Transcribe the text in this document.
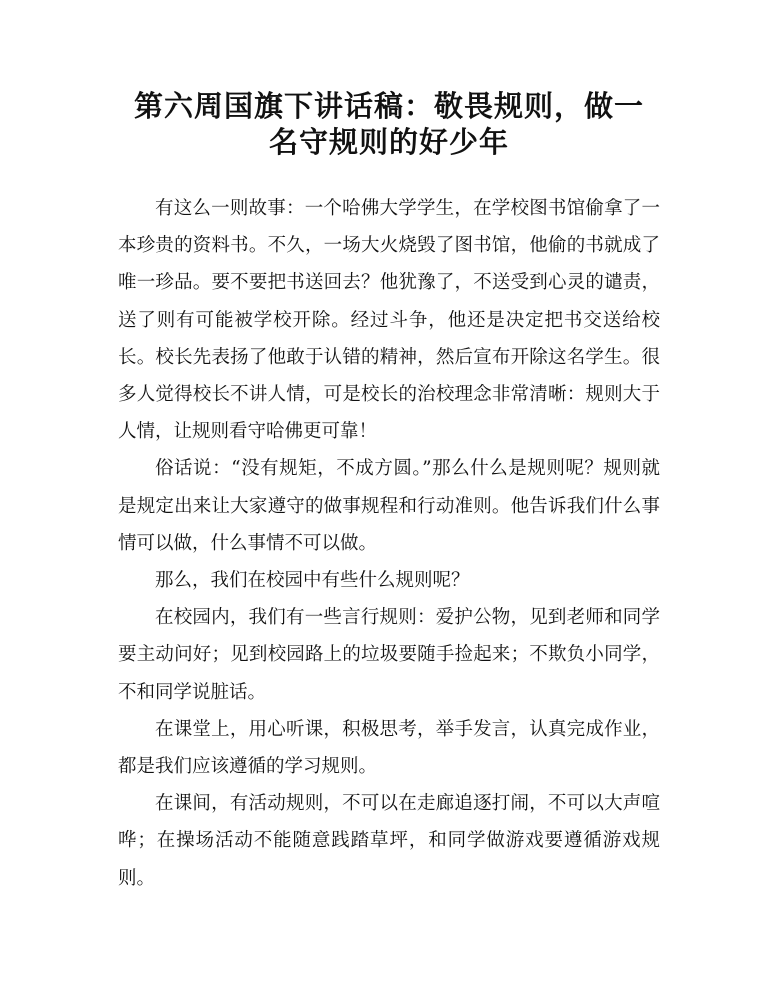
第六周国旗下讲话稿：敬畏规则，做一
名守规则的好少年

有这么一则故事：一个哈佛大学学生，在学校图书馆偷拿了一本珍贵的资料书。不久，一场大火烧毁了图书馆，他偷的书就成了唯一珍品。要不要把书送回去？他犹豫了，不送受到心灵的谴责，送了则有可能被学校开除。经过斗争，他还是决定把书交送给校长。校长先表扬了他敢于认错的精神，然后宣布开除这名学生。很多人觉得校长不讲人情，可是校长的治校理念非常清晰：规则大于人情，让规则看守哈佛更可靠！

俗话说：“没有规矩，不成方圆。”那么什么是规则呢？规则就是规定出来让大家遵守的做事规程和行动准则。他告诉我们什么事情可以做，什么事情不可以做。

那么，我们在校园中有些什么规则呢？

在校园内，我们有一些言行规则：爱护公物，见到老师和同学要主动问好；见到校园路上的垃圾要随手捡起来；不欺负小同学，不和同学说脏话。

在课堂上，用心听课，积极思考，举手发言，认真完成作业，都是我们应该遵循的学习规则。

在课间，有活动规则，不可以在走廊追逐打闹，不可以大声喧哗；在操场活动不能随意践踏草坪，和同学做游戏要遵循游戏规则。
